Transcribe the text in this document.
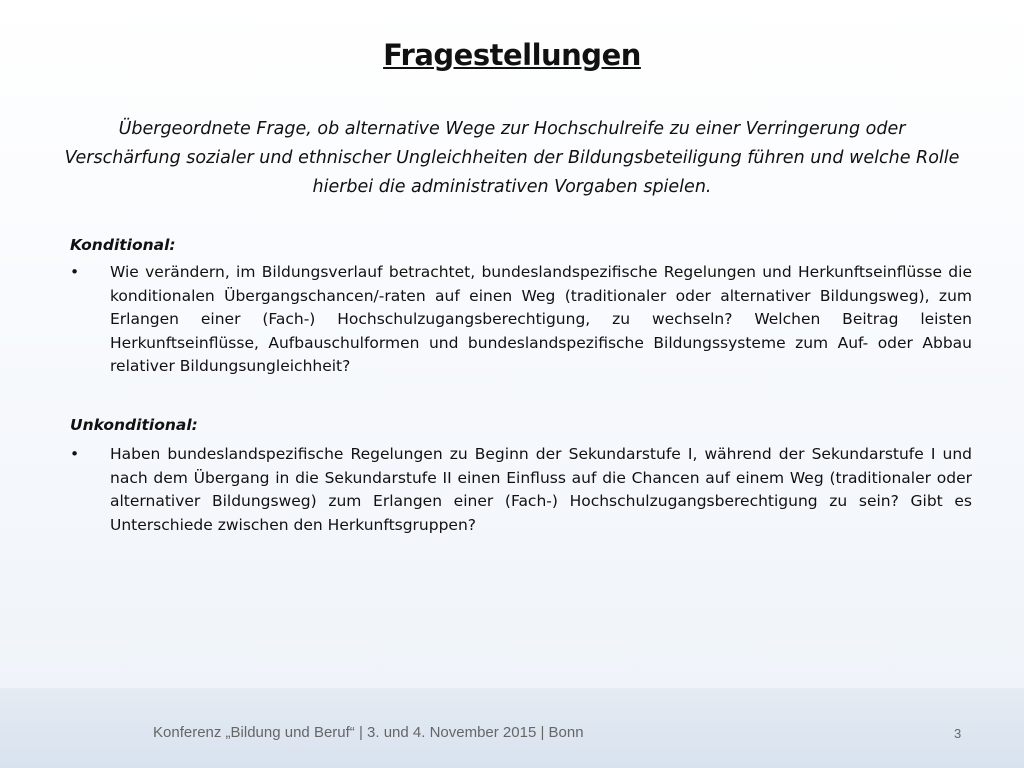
Fragestellungen
Übergeordnete Frage, ob alternative Wege zur Hochschulreife zu einer Verringerung oder Verschärfung sozialer und ethnischer Ungleichheiten der Bildungsbeteiligung führen und welche Rolle hierbei die administrativen Vorgaben spielen.
Konditional:
•	Wie verändern, im Bildungsverlauf betrachtet, bundeslandspezifische Regelungen und Herkunftseinflüsse die konditionalen Übergangschancen/-raten auf einen Weg (traditionaler oder alternativer Bildungsweg), zum Erlangen einer (Fach-) Hochschulzugangsberechtigung, zu wechseln? Welchen Beitrag leisten Herkunftseinflüsse, Aufbauschulformen und bundeslandspezifische Bildungssysteme zum Auf- oder Abbau relativer Bildungsungleichheit?
Unkonditional:
•	Haben bundeslandspezifische Regelungen zu Beginn der Sekundarstufe I, während der Sekundarstufe I und nach dem Übergang in die Sekundarstufe II einen Einfluss auf die Chancen auf einem Weg (traditionaler oder alternativer Bildungsweg) zum Erlangen einer (Fach-) Hochschulzugangsberechtigung zu sein? Gibt es Unterschiede zwischen den Herkunftsgruppen?
Konferenz „Bildung und Beruf“ | 3. und 4. November 2015 | Bonn	3
